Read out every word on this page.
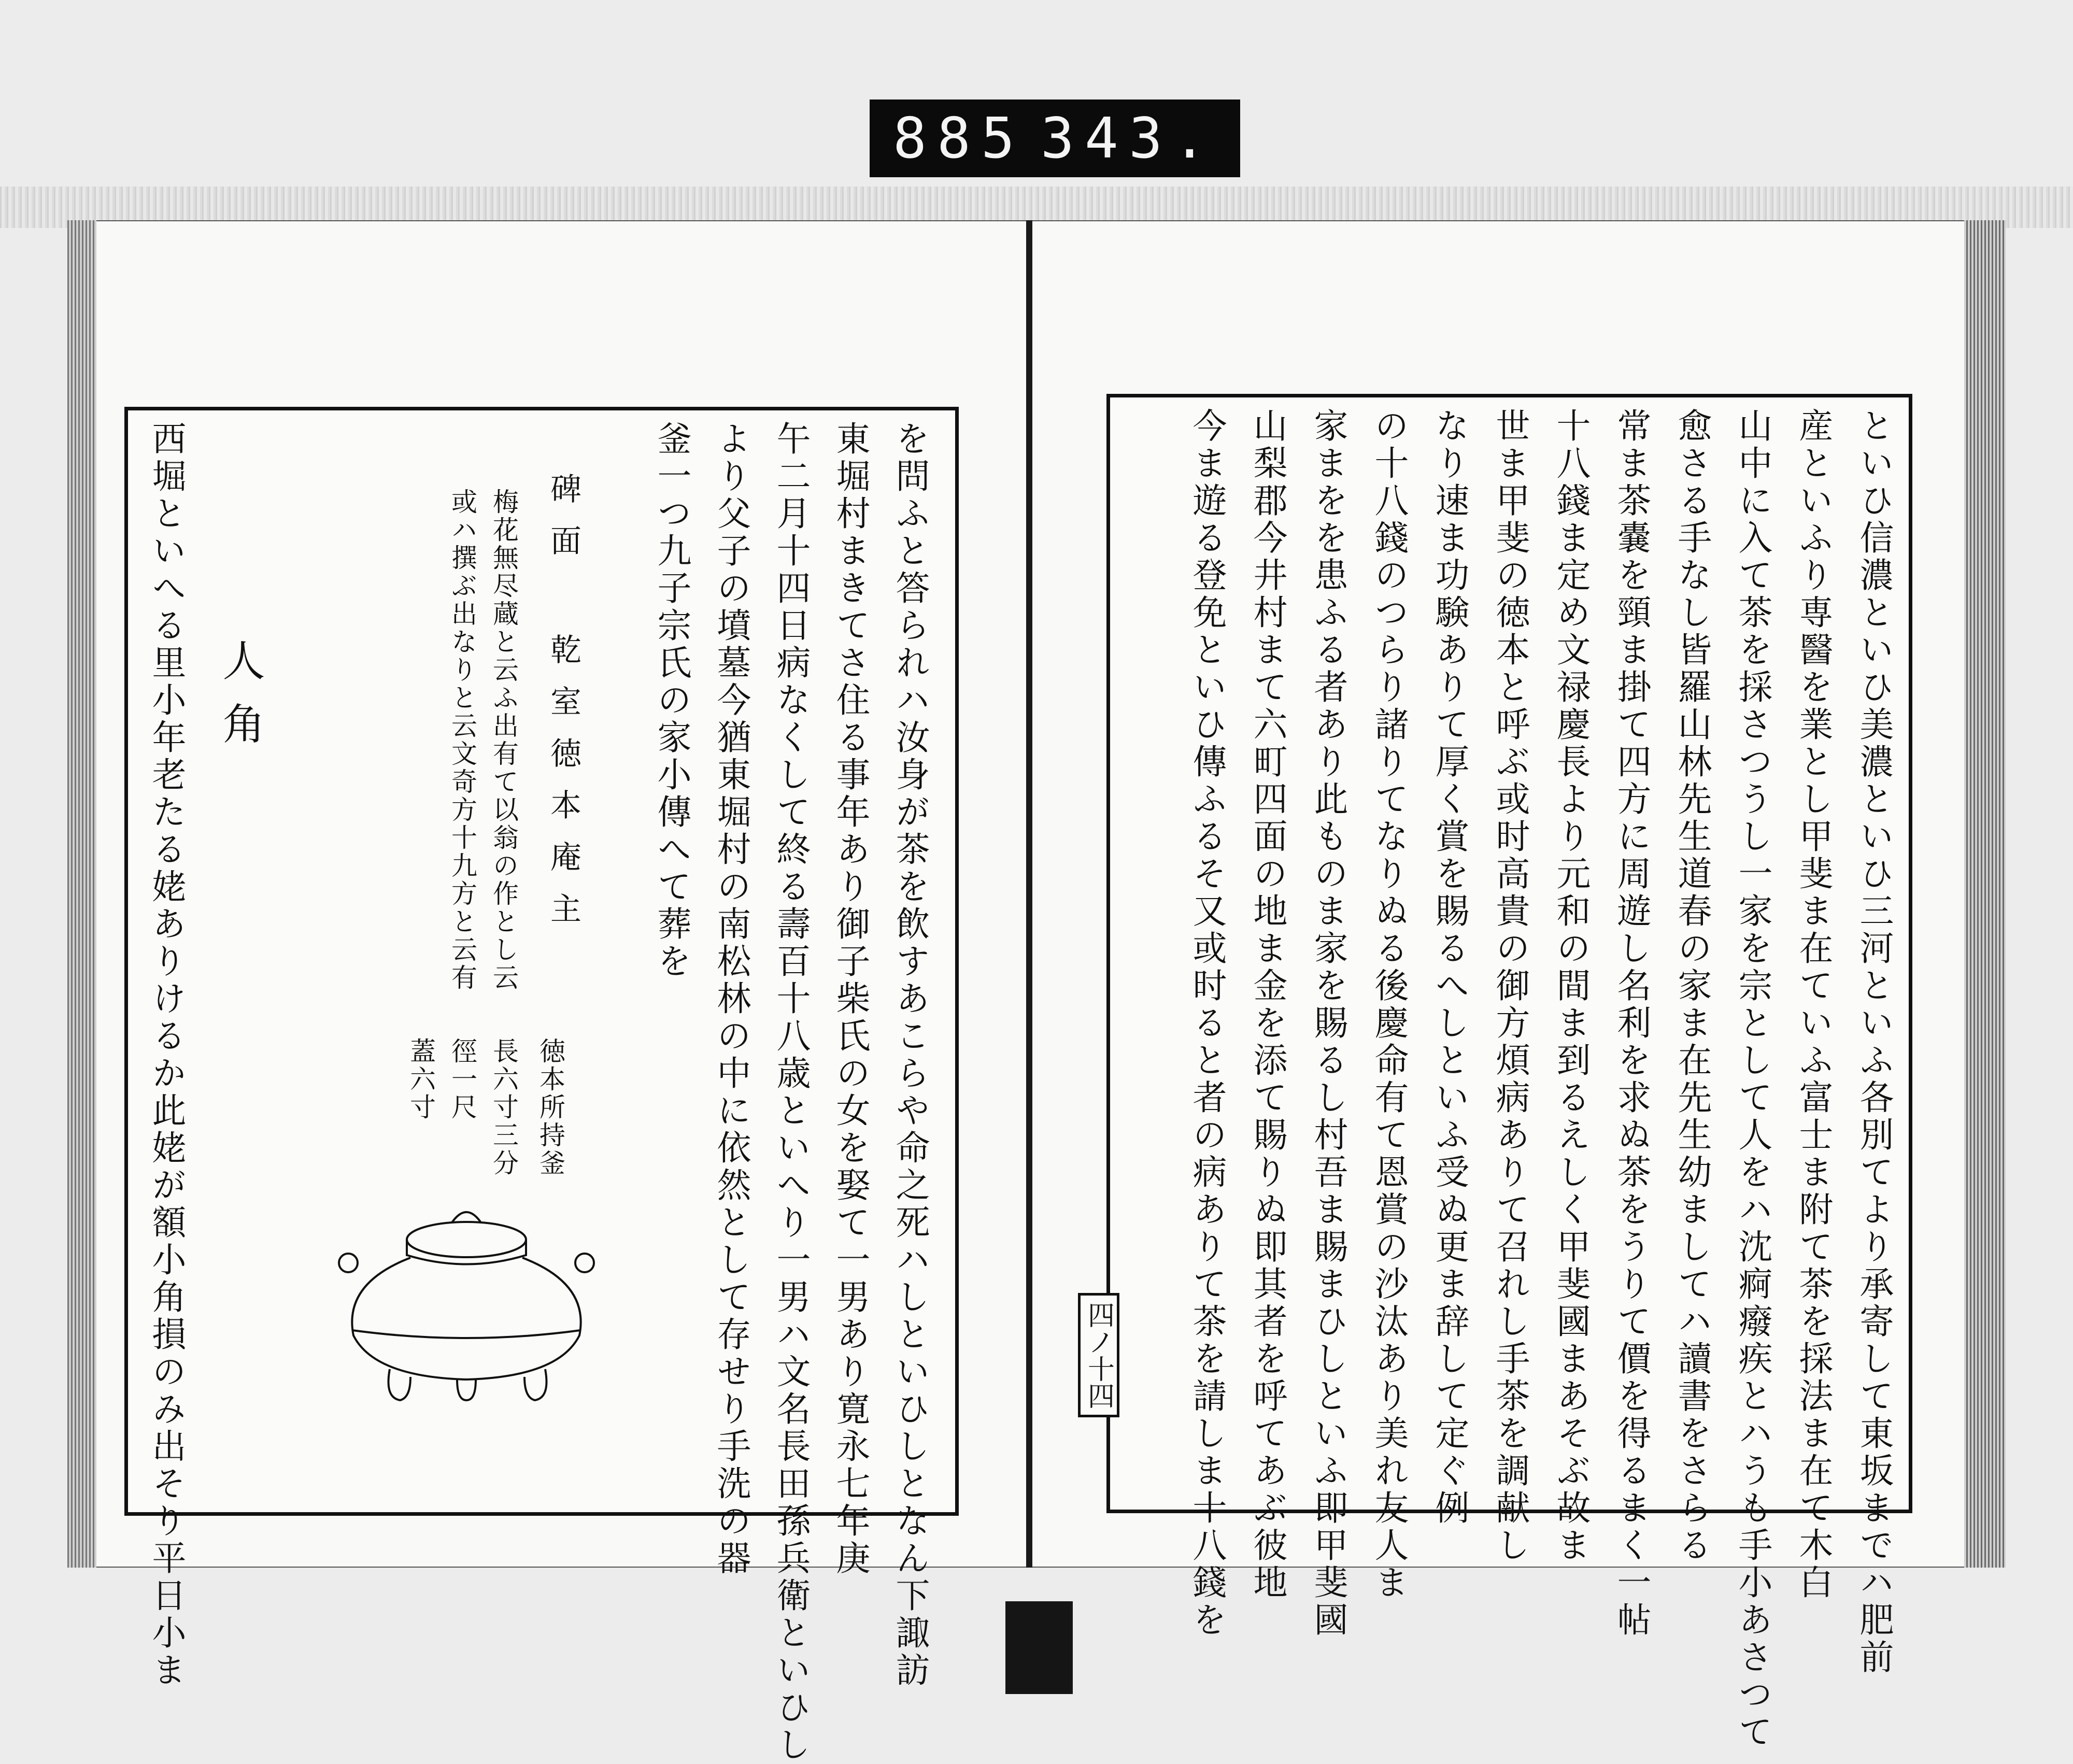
885 343.
を問ふと答られハ汝身が茶を飲すあこらや命之死ハしといひしとなん下諏訪
東堀村まきてさ住る事年あり御子柴氏の女を娶て一男あり寛永七年庚
午二月十四日病なくして終る壽百十八歳といへり一男ハ文名長田孫兵衛といひし
より父子の墳墓今猶東堀村の南松林の中に依然として存せり手洗の器
釜一つ九子宗氏の家小傳へて葬を
碑面 乾室徳本庵主
梅花無尽蔵と云ふ出有て以翁の作とし云
或ハ撰ぶ出なりと云文奇方十九方と云有
徳本所持釜
長六寸三分
徑一尺
蓋六寸
人角
西堀といへる里小年老たる姥ありけるか此姥が額小角損のみ出そり平日小ま	といひ信濃といひ美濃といひ三河といふ各別てより承寄して東坂までハ肥前
産といふり専醫を業とし甲斐ま在ていふ富士ま附て茶を採法ま在て木白
山中に入て茶を採さつうし一家を宗として人をハ沈痾癈疾とハうも手小あさつて
愈さる手なし皆羅山林先生道春の家ま在先生幼ましてハ讀書をさらる
常ま茶嚢を頸ま掛て四方に周遊し名利を求ぬ茶をうりて價を得るまく一帖
十八錢ま定め文禄慶長より元和の間ま到るえしく甲斐國まあそぶ故ま
世ま甲斐の徳本と呼ぶ或时高貴の御方煩病ありて召れし手茶を調献し
なり速ま功験ありて厚く賞を賜るへしといふ受ぬ更ま辞して定ぐ例
の十八錢のつらり諸りてなりぬる後慶命有て恩賞の沙汰あり美れ友人ま
家まをを患ふる者あり此ものま家を賜るし村吾ま賜まひしといふ即甲斐國
山梨郡今井村まて六町四面の地ま金を添て賜りぬ即其者を呼てあぶ彼地
今ま遊る登免といひ傳ふるそ又或时ると者の病ありて茶を請しま十八錢を
四ノ十四
